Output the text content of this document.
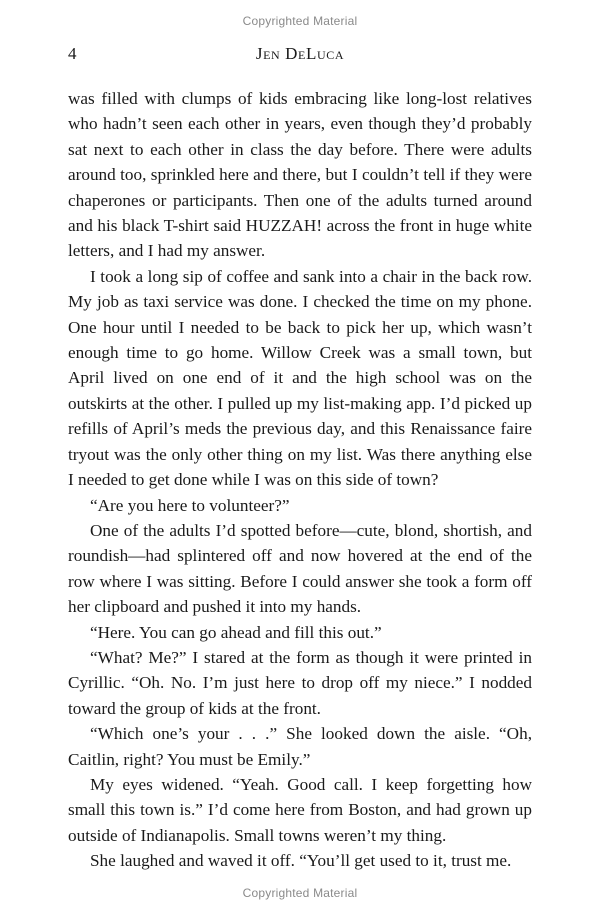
Copyrighted Material
4	Jen DeLuca

was filled with clumps of kids embracing like long-lost relatives who hadn’t seen each other in years, even though they’d probably sat next to each other in class the day before. There were adults around too, sprinkled here and there, but I couldn’t tell if they were chaperones or participants. Then one of the adults turned around and his black T-shirt said HUZZAH! across the front in huge white letters, and I had my answer.

I took a long sip of coffee and sank into a chair in the back row. My job as taxi service was done. I checked the time on my phone. One hour until I needed to be back to pick her up, which wasn’t enough time to go home. Willow Creek was a small town, but April lived on one end of it and the high school was on the outskirts at the other. I pulled up my list-making app. I’d picked up refills of April’s meds the previous day, and this Renaissance faire tryout was the only other thing on my list. Was there anything else I needed to get done while I was on this side of town?

“Are you here to volunteer?”

One of the adults I’d spotted before—cute, blond, shortish, and roundish—had splintered off and now hovered at the end of the row where I was sitting. Before I could answer she took a form off her clipboard and pushed it into my hands.

“Here. You can go ahead and fill this out.”

“What? Me?” I stared at the form as though it were printed in Cyrillic. “Oh. No. I’m just here to drop off my niece.” I nodded toward the group of kids at the front.

“Which one’s your . . .” She looked down the aisle. “Oh, Caitlin, right? You must be Emily.”

My eyes widened. “Yeah. Good call. I keep forgetting how small this town is.” I’d come here from Boston, and had grown up outside of Indianapolis. Small towns weren’t my thing.

She laughed and waved it off. “You’ll get used to it, trust me.

Copyrighted Material
